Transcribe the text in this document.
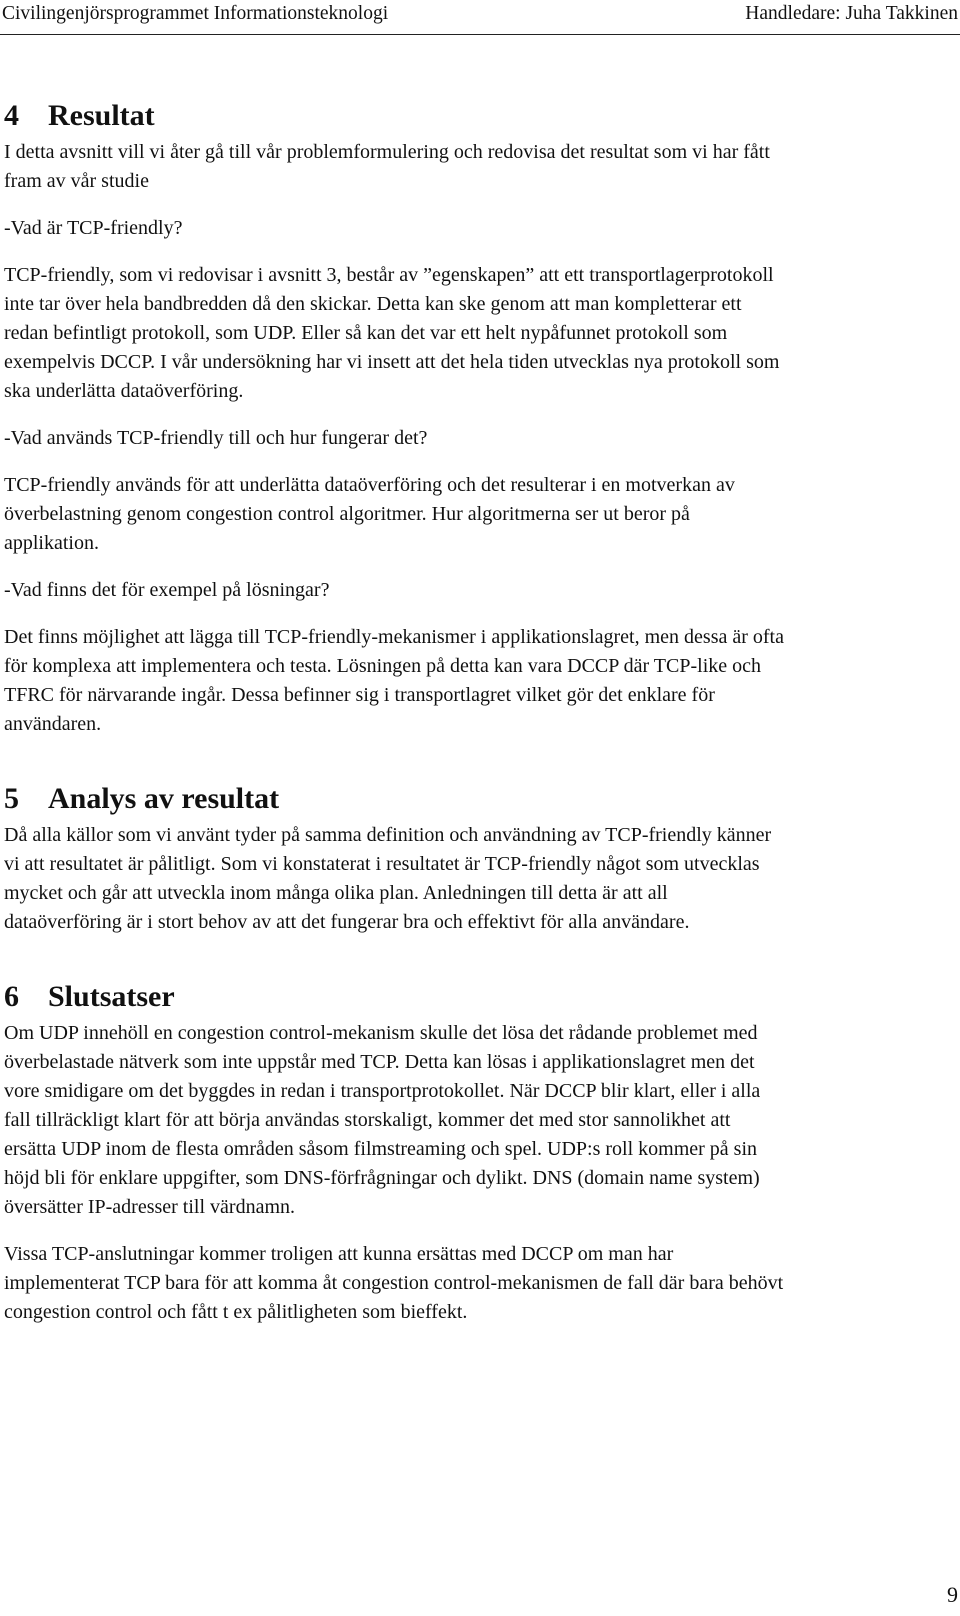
Civilingenjörsprogrammet Informationsteknologi	Handledare: Juha Takkinen
4 Resultat

I detta avsnitt vill vi åter gå till vår problemformulering och redovisa det resultat som vi har fått fram av vår studie

-Vad är TCP-friendly?

TCP-friendly, som vi redovisar i avsnitt 3, består av ”egenskapen” att ett transportlagerprotokoll inte tar över hela bandbredden då den skickar. Detta kan ske genom att man kompletterar ett redan befintligt protokoll, som UDP. Eller så kan det var ett helt nypåfunnet protokoll som exempelvis DCCP. I vår undersökning har vi insett att det hela tiden utvecklas nya protokoll som ska underlätta dataöverföring.

-Vad används TCP-friendly till och hur fungerar det?

TCP-friendly används för att underlätta dataöverföring och det resulterar i en motverkan av överbelastning genom congestion control algoritmer. Hur algoritmerna ser ut beror på applikation.

-Vad finns det för exempel på lösningar?

Det finns möjlighet att lägga till TCP-friendly-mekanismer i applikationslagret, men dessa är ofta för komplexa att implementera och testa. Lösningen på detta kan vara DCCP där TCP-like och TFRC för närvarande ingår. Dessa befinner sig i transportlagret vilket gör det enklare för användaren.

5 Analys av resultat

Då alla källor som vi använt tyder på samma definition och användning av TCP-friendly känner vi att resultatet är pålitligt. Som vi konstaterat i resultatet är TCP-friendly något som utvecklas mycket och går att utveckla inom många olika plan. Anledningen till detta är att all dataöverföring är i stort behov av att det fungerar bra och effektivt för alla användare.

6 Slutsatser

Om UDP innehöll en congestion control-mekanism skulle det lösa det rådande problemet med överbelastade nätverk som inte uppstår med TCP. Detta kan lösas i applikationslagret men det vore smidigare om det byggdes in redan i transportprotokollet. När DCCP blir klart, eller i alla fall tillräckligt klart för att börja användas storskaligt, kommer det med stor sannolikhet att ersätta UDP inom de flesta områden såsom filmstreaming och spel. UDP:s roll kommer på sin höjd bli för enklare uppgifter, som DNS-förfrågningar och dylikt. DNS (domain name system) översätter IP-adresser till värdnamn.

Vissa TCP-anslutningar kommer troligen att kunna ersättas med DCCP om man har implementerat TCP bara för att komma åt congestion control-mekanismen de fall där bara behövt congestion control och fått t ex pålitligheten som bieffekt.

9
